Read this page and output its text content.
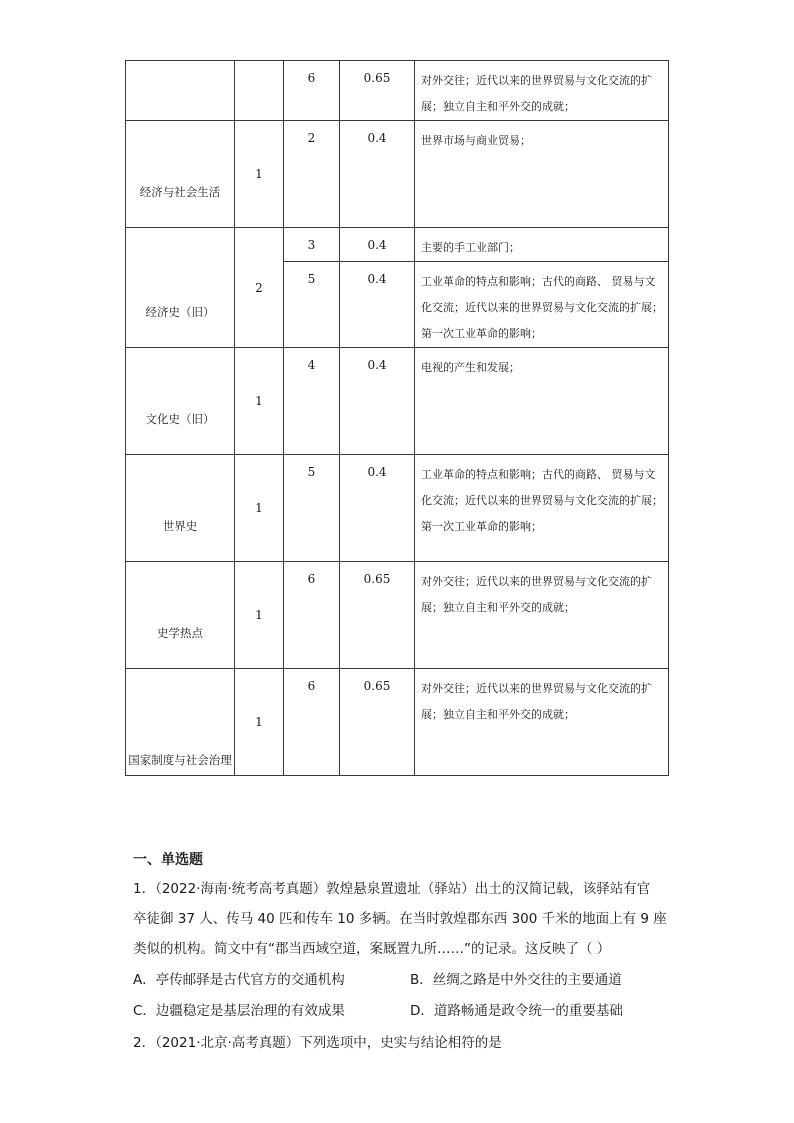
		6	0.65	对外交往；近代以来的世界贸易与文化交流的扩展；独立自主和平外交的成就；
经济与社会生活	1	2	0.4	世界市场与商业贸易；
经济史（旧）	2	3	0.4	主要的手工业部门；
		5	0.4	工业革命的特点和影响；古代的商路、 贸易与文化交流；近代以来的世界贸易与文化交流的扩展；第一次工业革命的影响；
文化史（旧）	1	4	0.4	电视的产生和发展；
世界史	1	5	0.4	工业革命的特点和影响；古代的商路、 贸易与文化交流；近代以来的世界贸易与文化交流的扩展；第一次工业革命的影响；
史学热点	1	6	0.65	对外交往；近代以来的世界贸易与文化交流的扩展；独立自主和平外交的成就；
国家制度与社会治理	1	6	0.65	对外交往；近代以来的世界贸易与文化交流的扩展；独立自主和平外交的成就；
一、单选题
1．（2022·海南·统考高考真题）敦煌悬泉置遗址（驿站）出土的汉简记载，该驿站有官
卒徒御 37 人、传马 40 匹和传车 10 多辆。在当时敦煌郡东西 300 千米的地面上有 9 座
类似的机构。简文中有“郡当西域空道，案厩置九所……”的记录。这反映了（ ）
A．亭传邮驿是古代官方的交通机构	B．丝绸之路是中外交往的主要通道
C．边疆稳定是基层治理的有效成果	D．道路畅通是政令统一的重要基础
2．（2021·北京·高考真题）下列选项中，史实与结论相符的是
